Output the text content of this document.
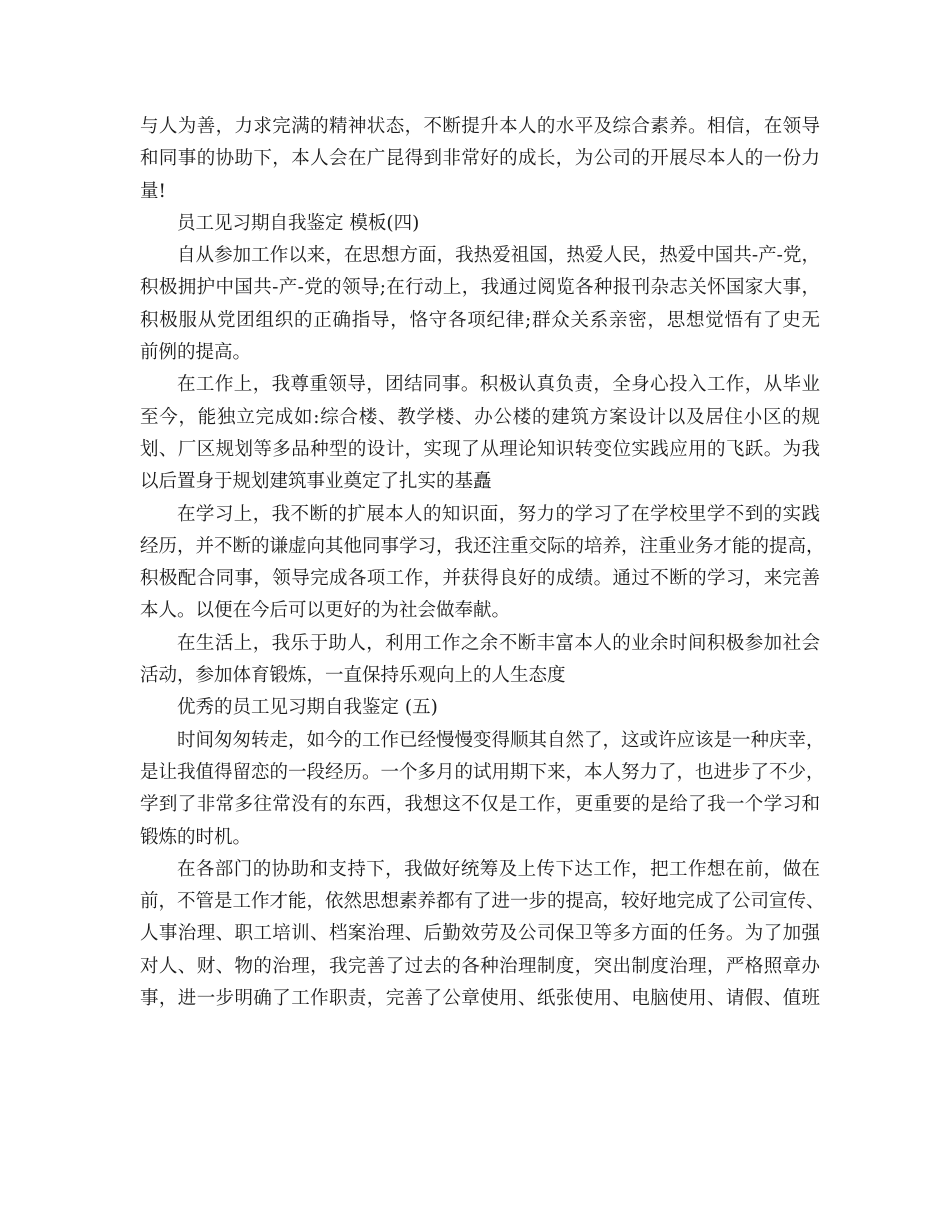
与人为善，力求完满的精神状态，不断提升本人的水平及综合素养。相信，在领导
和同事的协助下，本人会在广昆得到非常好的成长，为公司的开展尽本人的一份力
量!
员工见习期自我鉴定 模板(四)
自从参加工作以来，在思想方面，我热爱祖国，热爱人民，热爱中国共-产-党，
积极拥护中国共-产-党的领导;在行动上，我通过阅览各种报刊杂志关怀国家大事，
积极服从党团组织的正确指导，恪守各项纪律;群众关系亲密，思想觉悟有了史无
前例的提高。
在工作上，我尊重领导，团结同事。积极认真负责，全身心投入工作，从毕业
至今，能独立完成如:综合楼、教学楼、办公楼的建筑方案设计以及居住小区的规
划、厂区规划等多品种型的设计，实现了从理论知识转变位实践应用的飞跃。为我
以后置身于规划建筑事业奠定了扎实的基矗
在学习上，我不断的扩展本人的知识面，努力的学习了在学校里学不到的实践
经历，并不断的谦虚向其他同事学习，我还注重交际的培养，注重业务才能的提高，
积极配合同事，领导完成各项工作，并获得良好的成绩。通过不断的学习，来完善
本人。以便在今后可以更好的为社会做奉献。
在生活上，我乐于助人，利用工作之余不断丰富本人的业余时间积极参加社会
活动，参加体育锻炼，一直保持乐观向上的人生态度
优秀的员工见习期自我鉴定 (五)
时间匆匆转走，如今的工作已经慢慢变得顺其自然了，这或许应该是一种庆幸，
是让我值得留恋的一段经历。一个多月的试用期下来，本人努力了，也进步了不少，
学到了非常多往常没有的东西，我想这不仅是工作，更重要的是给了我一个学习和
锻炼的时机。
在各部门的协助和支持下，我做好统筹及上传下达工作，把工作想在前，做在
前，不管是工作才能，依然思想素养都有了进一步的提高，较好地完成了公司宣传、
人事治理、职工培训、档案治理、后勤效劳及公司保卫等多方面的任务。为了加强
对人、财、物的治理，我完善了过去的各种治理制度，突出制度治理，严格照章办
事，进一步明确了工作职责，完善了公章使用、纸张使用、电脑使用、请假、值班
